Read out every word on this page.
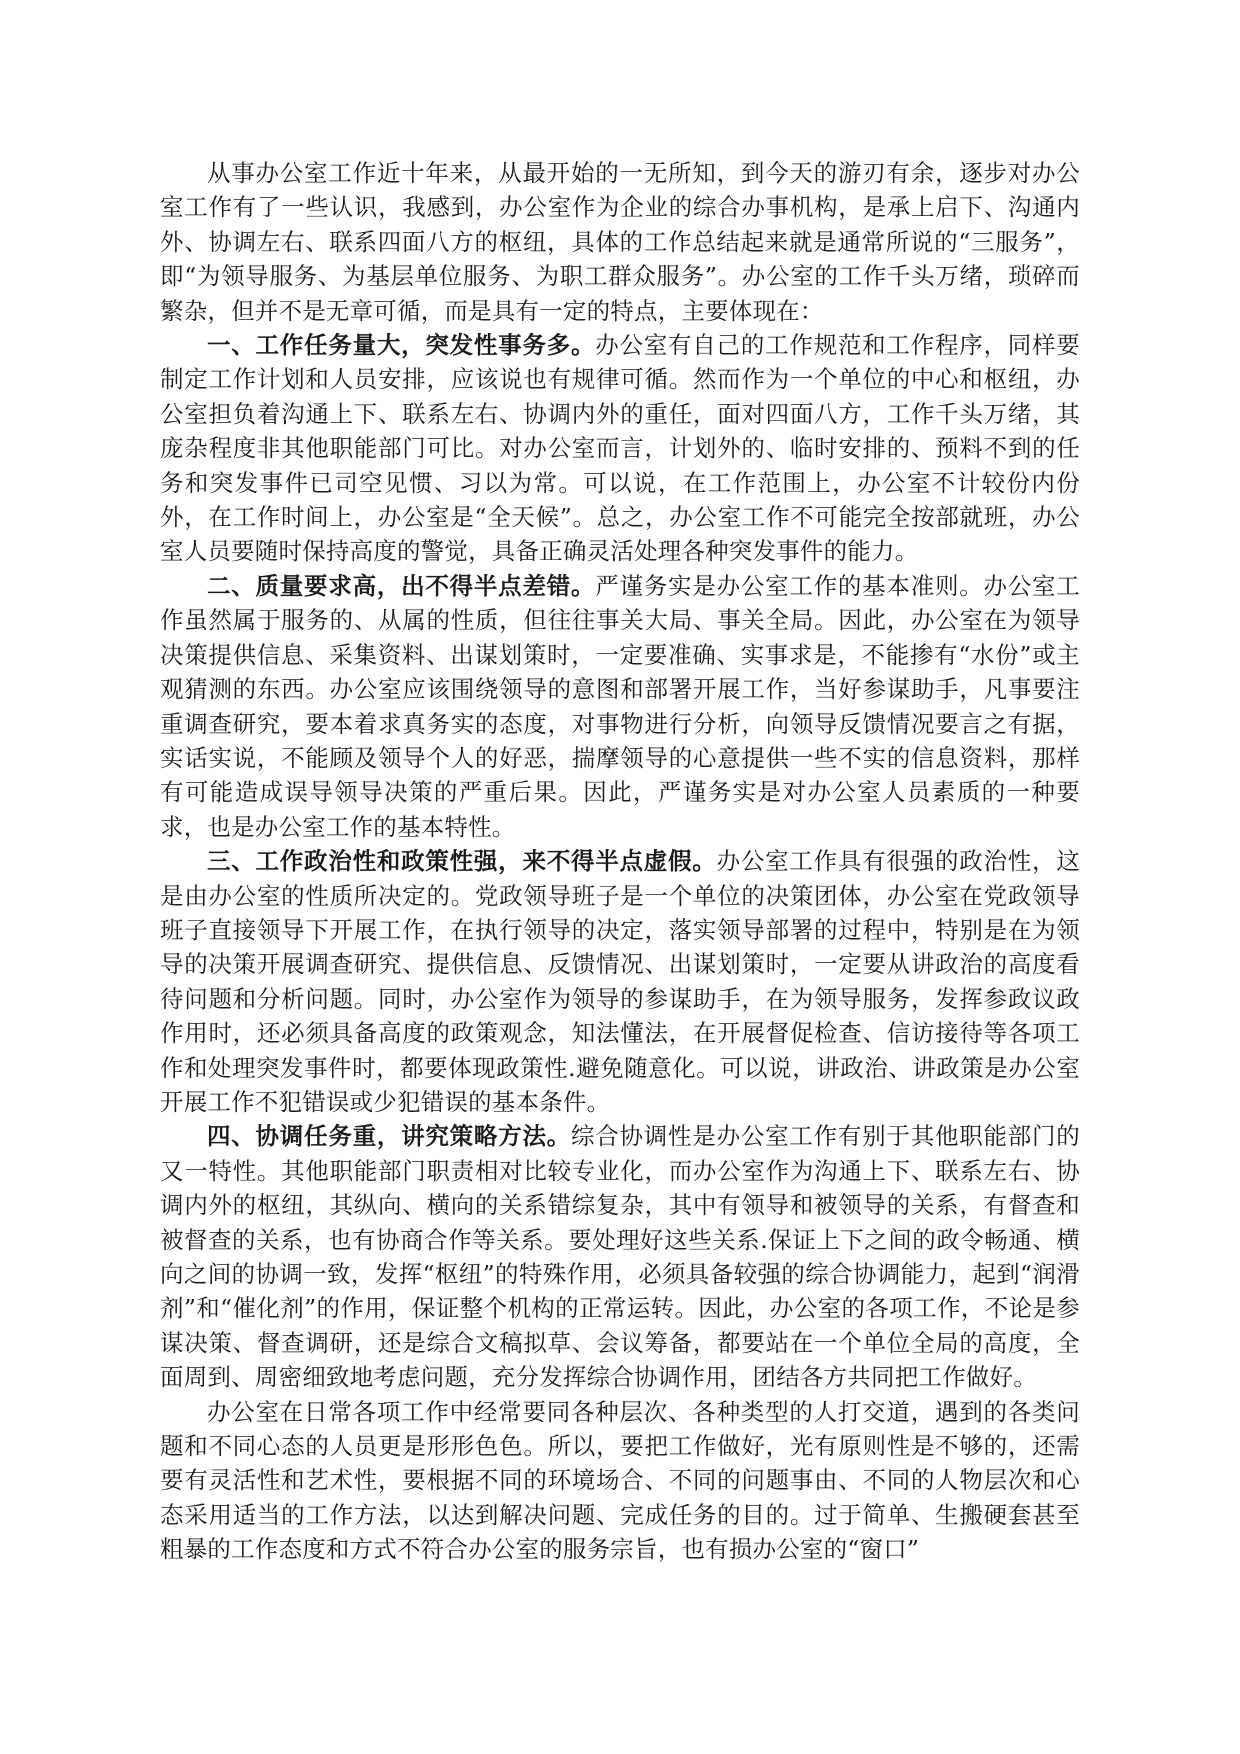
从事办公室工作近十年来，从最开始的一无所知，到今天的游刃有余，逐步对办公室工作有了一些认识，我感到，办公室作为企业的综合办事机构，是承上启下、沟通内外、协调左右、联系四面八方的枢纽，具体的工作总结起来就是通常所说的“三服务”，即“为领导服务、为基层单位服务、为职工群众服务”。办公室的工作千头万绪，琐碎而繁杂，但并不是无章可循，而是具有一定的特点，主要体现在：

一、工作任务量大，突发性事务多。办公室有自己的工作规范和工作程序，同样要制定工作计划和人员安排，应该说也有规律可循。然而作为一个单位的中心和枢纽，办公室担负着沟通上下、联系左右、协调内外的重任，面对四面八方，工作千头万绪，其庞杂程度非其他职能部门可比。对办公室而言，计划外的、临时安排的、预料不到的任务和突发事件已司空见惯、习以为常。可以说，在工作范围上，办公室不计较份内份外，在工作时间上，办公室是“全天候”。总之，办公室工作不可能完全按部就班，办公室人员要随时保持高度的警觉，具备正确灵活处理各种突发事件的能力。

二、质量要求高，出不得半点差错。严谨务实是办公室工作的基本准则。办公室工作虽然属于服务的、从属的性质，但往往事关大局、事关全局。因此，办公室在为领导决策提供信息、采集资料、出谋划策时，一定要准确、实事求是，不能掺有“水份”或主观猜测的东西。办公室应该围绕领导的意图和部署开展工作，当好参谋助手，凡事要注重调查研究，要本着求真务实的态度，对事物进行分析，向领导反馈情况要言之有据，实话实说，不能顾及领导个人的好恶，揣摩领导的心意提供一些不实的信息资料，那样有可能造成误导领导决策的严重后果。因此，严谨务实是对办公室人员素质的一种要求，也是办公室工作的基本特性。

三、工作政治性和政策性强，来不得半点虚假。办公室工作具有很强的政治性，这是由办公室的性质所决定的。党政领导班子是一个单位的决策团体，办公室在党政领导班子直接领导下开展工作，在执行领导的决定，落实领导部署的过程中，特别是在为领导的决策开展调查研究、提供信息、反馈情况、出谋划策时，一定要从讲政治的高度看待问题和分析问题。同时，办公室作为领导的参谋助手，在为领导服务，发挥参政议政作用时，还必须具备高度的政策观念，知法懂法，在开展督促检查、信访接待等各项工作和处理突发事件时，都要体现政策性.避免随意化。可以说，讲政治、讲政策是办公室开展工作不犯错误或少犯错误的基本条件。

四、协调任务重，讲究策略方法。综合协调性是办公室工作有别于其他职能部门的又一特性。其他职能部门职责相对比较专业化，而办公室作为沟通上下、联系左右、协调内外的枢纽，其纵向、横向的关系错综复杂，其中有领导和被领导的关系，有督查和被督查的关系，也有协商合作等关系。要处理好这些关系.保证上下之间的政令畅通、横向之间的协调一致，发挥“枢纽”的特殊作用，必须具备较强的综合协调能力，起到“润滑剂”和“催化剂”的作用，保证整个机构的正常运转。因此，办公室的各项工作，不论是参谋决策、督查调研，还是综合文稿拟草、会议筹备，都要站在一个单位全局的高度，全面周到、周密细致地考虑问题，充分发挥综合协调作用，团结各方共同把工作做好。

办公室在日常各项工作中经常要同各种层次、各种类型的人打交道，遇到的各类问题和不同心态的人员更是形形色色。所以，要把工作做好，光有原则性是不够的，还需要有灵活性和艺术性，要根据不同的环境场合、不同的问题事由、不同的人物层次和心态采用适当的工作方法，以达到解决问题、完成任务的目的。过于简单、生搬硬套甚至粗暴的工作态度和方式不符合办公室的服务宗旨，也有损办公室的“窗口”
